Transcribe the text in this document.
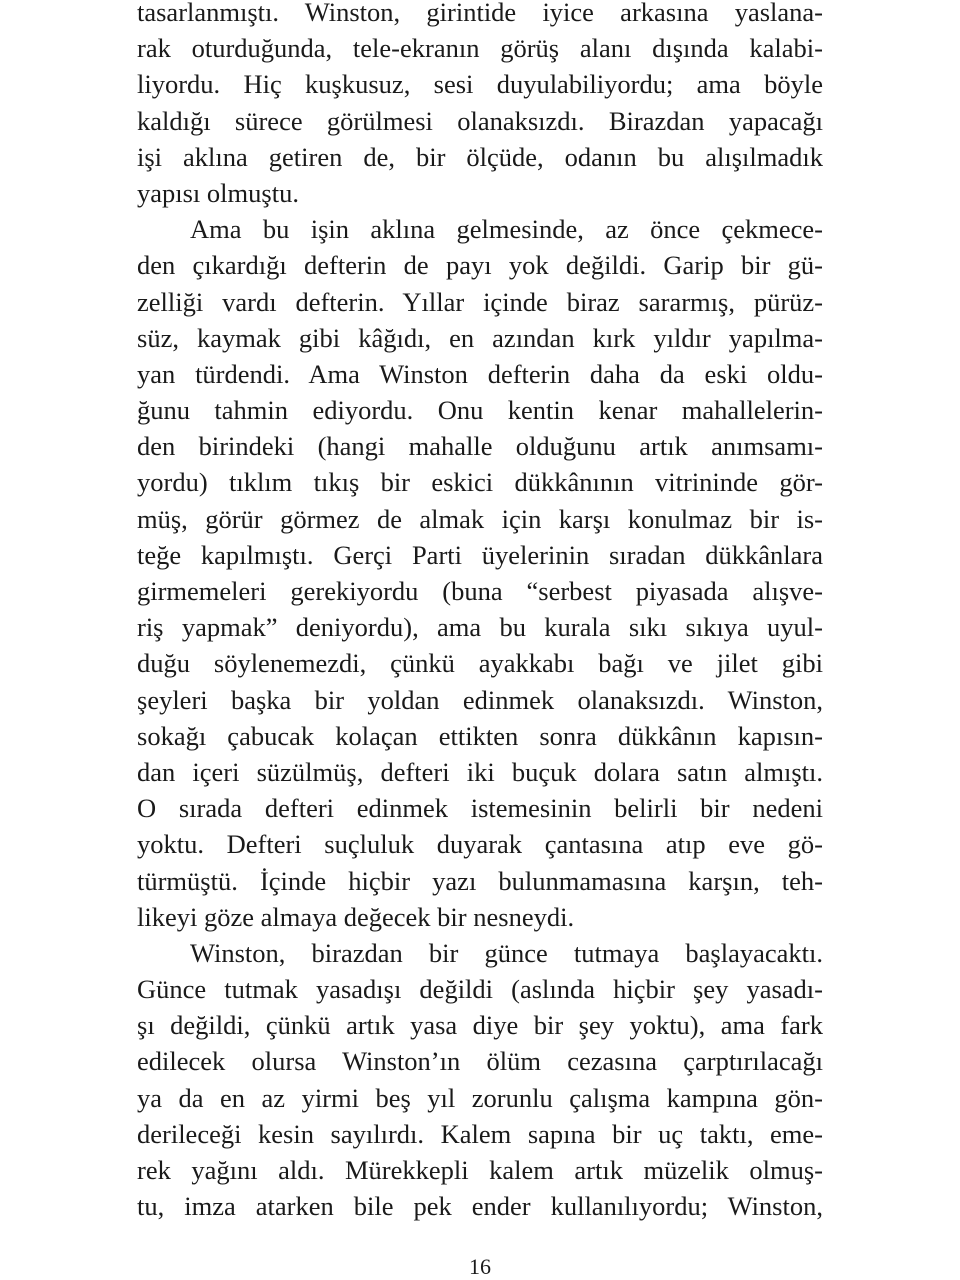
tasarlanmıştı. Winston, girintide iyice arkasına yaslana-
rak oturduğunda, tele-ekranın görüş alanı dışında kalabi-
liyordu. Hiç kuşkusuz, sesi duyulabiliyordu; ama böyle
kaldığı sürece görülmesi olanaksızdı. Birazdan yapacağı
işi aklına getiren de, bir ölçüde, odanın bu alışılmadık
yapısı olmuştu.
Ama bu işin aklına gelmesinde, az önce çekmece-
den çıkardığı defterin de payı yok değildi. Garip bir gü-
zelliği vardı defterin. Yıllar içinde biraz sararmış, pürüz-
süz, kaymak gibi kâğıdı, en azından kırk yıldır yapılma-
yan türdendi. Ama Winston defterin daha da eski oldu-
ğunu tahmin ediyordu. Onu kentin kenar mahallelerin-
den birindeki (hangi mahalle olduğunu artık anımsamı-
yordu) tıklım tıkış bir eskici dükkânının vitrininde gör-
müş, görür görmez de almak için karşı konulmaz bir is-
teğe kapılmıştı. Gerçi Parti üyelerinin sıradan dükkânlara
girmemeleri gerekiyordu (buna “serbest piyasada alışve-
riş yapmak” deniyordu), ama bu kurala sıkı sıkıya uyul-
duğu söylenemezdi, çünkü ayakkabı bağı ve jilet gibi
şeyleri başka bir yoldan edinmek olanaksızdı. Winston,
sokağı çabucak kolaçan ettikten sonra dükkânın kapısın-
dan içeri süzülmüş, defteri iki buçuk dolara satın almıştı.
O sırada defteri edinmek istemesinin belirli bir nedeni
yoktu. Defteri suçluluk duyarak çantasına atıp eve gö-
türmüştü. İçinde hiçbir yazı bulunmamasına karşın, teh-
likeyi göze almaya değecek bir nesneydi.
Winston, birazdan bir günce tutmaya başlayacaktı.
Günce tutmak yasadışı değildi (aslında hiçbir şey yasadı-
şı değildi, çünkü artık yasa diye bir şey yoktu), ama fark
edilecek olursa Winston’ın ölüm cezasına çarptırılacağı
ya da en az yirmi beş yıl zorunlu çalışma kampına gön-
derileceği kesin sayılırdı. Kalem sapına bir uç taktı, eme-
rek yağını aldı. Mürekkepli kalem artık müzelik olmuş-
tu, imza atarken bile pek ender kullanılıyordu; Winston,
16
